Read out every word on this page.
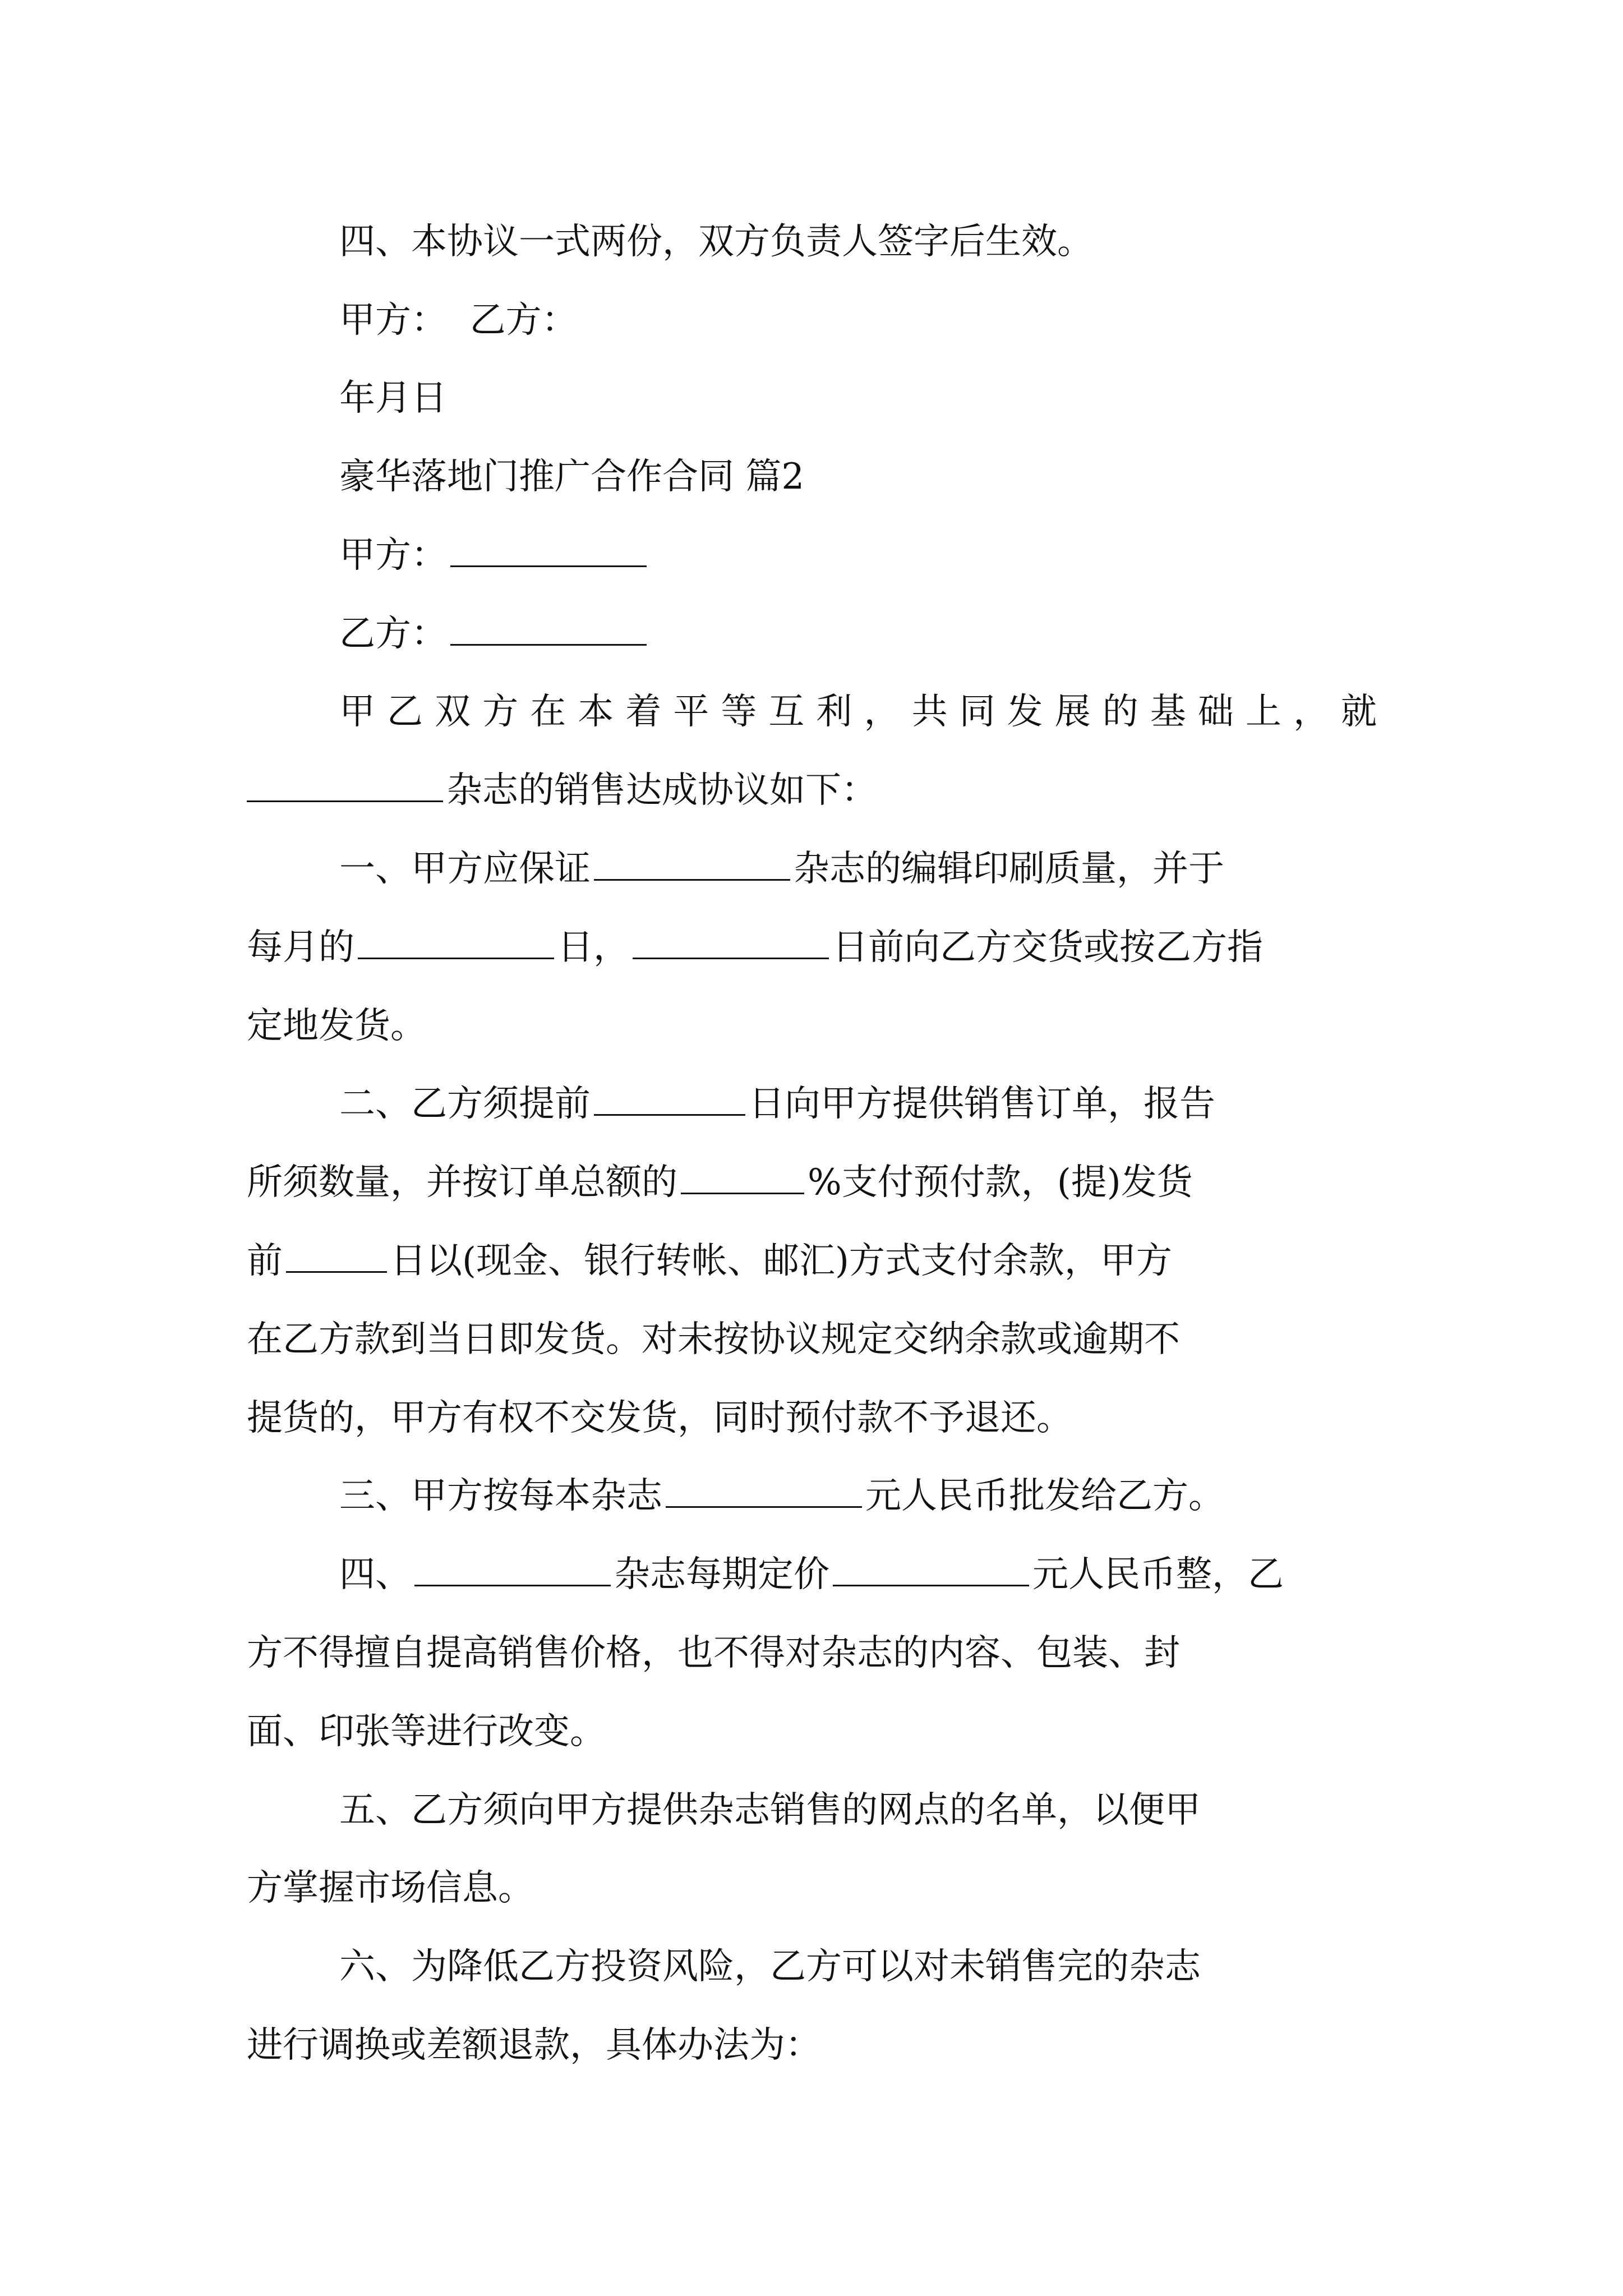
四、本协议一式两份，双方负责人签字后生效。
甲方：  乙方：
年月日
豪华落地门推广合作合同 篇2
甲方：
乙方：
甲乙双方在本着平等互利，共同发展的基础上，就
杂志的销售达成协议如下：
一、甲方应保证	杂志的编辑印刷质量，并于
每月的	日，	日前向乙方交货或按乙方指
定地发货。
二、乙方须提前	日向甲方提供销售订单，报告
所须数量，并按订单总额的	%支付预付款，(提)发货
前	日以(现金、银行转帐、邮汇)方式支付余款，甲方
在乙方款到当日即发货。对未按协议规定交纳余款或逾期不
提货的，甲方有权不交发货，同时预付款不予退还。
三、甲方按每本杂志	元人民币批发给乙方。
四、	杂志每期定价	元人民币整，乙
方不得擅自提高销售价格，也不得对杂志的内容、包装、封
面、印张等进行改变。
五、乙方须向甲方提供杂志销售的网点的名单，以便甲
方掌握市场信息。
六、为降低乙方投资风险，乙方可以对未销售完的杂志
进行调换或差额退款，具体办法为：
